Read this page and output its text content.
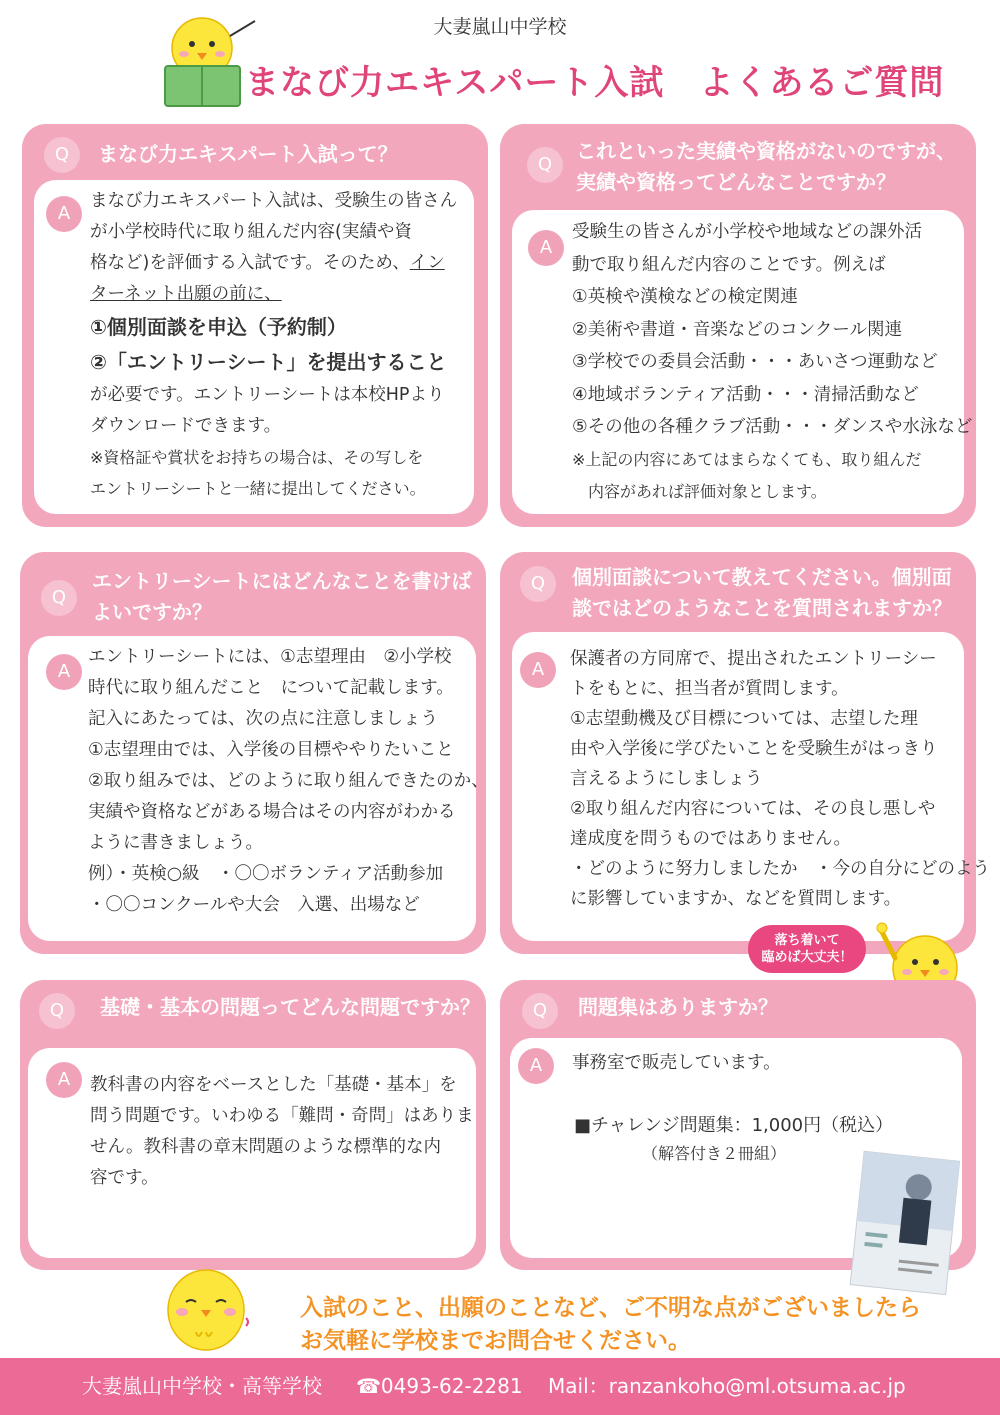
大妻嵐山中学校
まなび力エキスパート入試　よくあるご質問
Q	まなび力エキスパート入試って？
A
まなび力エキスパート入試は、受験生の皆さん
が小学校時代に取り組んだ内容(実績や資
格など)を評価する入試です。そのため、イン
ターネット出願の前に、
①個別面談を申込（予約制）
②「エントリーシート」を提出すること
が必要です。エントリーシートは本校HPより
ダウンロードできます。
※資格証や賞状をお持ちの場合は、その写しを
エントリーシートと一緒に提出してください。
Q
これといった実績や資格がないのですが、
実績や資格ってどんなことですか？
A
受験生の皆さんが小学校や地域などの課外活
動で取り組んだ内容のことです。例えば
①英検や漢検などの検定関連
②美術や書道・音楽などのコンクール関連
③学校での委員会活動・・・あいさつ運動など
④地域ボランティア活動・・・清掃活動など
⑤その他の各種クラブ活動・・・ダンスや水泳など
※上記の内容にあてはまらなくても、取り組んだ
　内容があれば評価対象とします。
Q
エントリーシートにはどんなことを書けば
よいですか？
A
エントリーシートには、①志望理由　②小学校
時代に取り組んだこと　について記載します。
記入にあたっては、次の点に注意しましょう
①志望理由では、入学後の目標ややりたいこと
②取り組みでは、どのように取り組んできたのか、
実績や資格などがある場合はその内容がわかる
ように書きましょう。
例）・英検○級　・〇〇ボランティア活動参加
・〇〇コンクールや大会　入選、出場など
Q	個別面談について教えてください。個別面
談ではどのようなことを質問されますか？
A	保護者の方同席で、提出されたエントリーシー
トをもとに、担当者が質問します。
①志望動機及び目標については、志望した理
由や入学後に学びたいことを受験生がはっきり
言えるようにしましょう
②取り組んだ内容については、その良し悪しや
達成度を問うものではありません。
・どのように努力しましたか　・今の自分にどのよう
に影響していますか、などを質問します。
落ち着いて
臨めば大丈夫！
Q	基礎・基本の問題ってどんな問題ですか？
A	教科書の内容をベースとした「基礎・基本」を
問う問題です。いわゆる「難問・奇問」はありま
せん。教科書の章末問題のような標準的な内
容です。
Q	問題集はありますか？
A	事務室で販売しています。
■チャレンジ問題集：1,000円（税込）
（解答付き２冊組）
入試のこと、出願のことなど、ご不明な点がございましたら
お気軽に学校までお問合せください。
大妻嵐山中学校・高等学校 ☎0493-62-2281 Mail：ranzankoho@ml.otsuma.ac.jp
